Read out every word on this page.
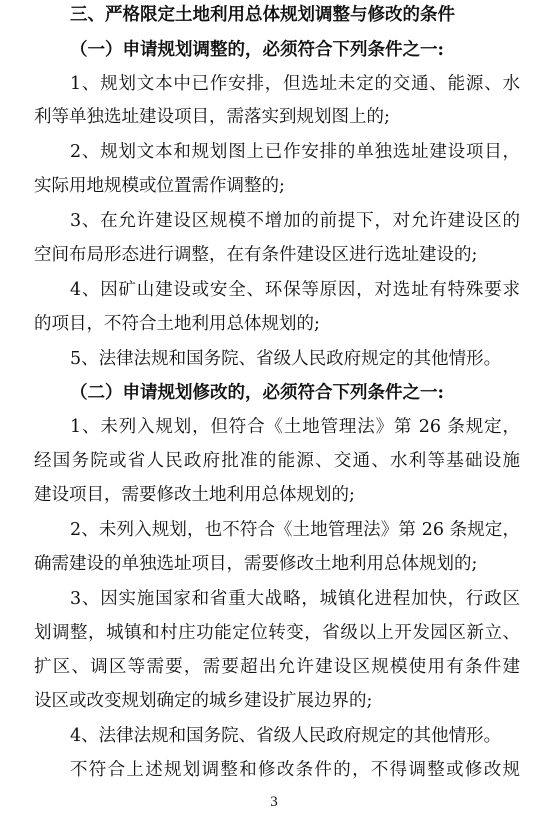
三、严格限定土地利用总体规划调整与修改的条件
（一）申请规划调整的，必须符合下列条件之一:
1、规划文本中已作安排，但选址未定的交通、能源、水
利等单独选址建设项目，需落实到规划图上的;
2、规划文本和规划图上已作安排的单独选址建设项目，
实际用地规模或位置需作调整的;
3、在允许建设区规模不增加的前提下，对允许建设区的
空间布局形态进行调整，在有条件建设区进行选址建设的;
4、因矿山建设或安全、环保等原因，对选址有特殊要求
的项目，不符合土地利用总体规划的;
5、法律法规和国务院、省级人民政府规定的其他情形。
（二）申请规划修改的，必须符合下列条件之一:
1、未列入规划，但符合《土地管理法》第 26 条规定，
经国务院或省人民政府批准的能源、交通、水利等基础设施
建设项目，需要修改土地利用总体规划的;
2、未列入规划，也不符合《土地管理法》第 26 条规定，
确需建设的单独选址项目，需要修改土地利用总体规划的;
3、因实施国家和省重大战略，城镇化进程加快，行政区
划调整，城镇和村庄功能定位转变，省级以上开发园区新立、
扩区、调区等需要，需要超出允许建设区规模使用有条件建
设区或改变规划确定的城乡建设扩展边界的;
4、法律法规和国务院、省级人民政府规定的其他情形。
不符合上述规划调整和修改条件的，不得调整或修改规
3
